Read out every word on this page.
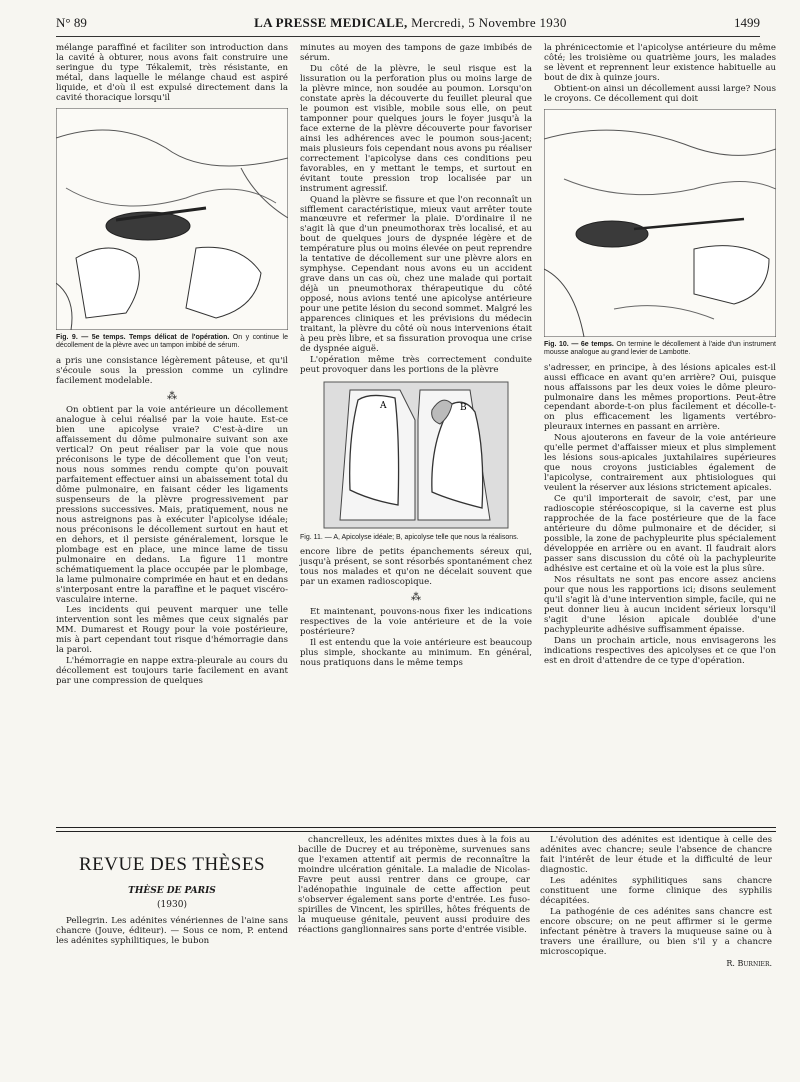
N° 89	LA PRESSE MEDICALE, Mercredi, 5 Novembre 1930	1499

mélange paraffiné et faciliter son introduction dans la cavité à obturer, nous avons fait construire une seringue du type Tékalemit, très résistante, en métal, dans laquelle le mélange chaud est aspiré liquide, et d'où il est expulsé directement dans la cavité thoracique lorsqu'il

Fig. 9. — 5e temps. Temps délicat de l'opération. On y continue le décollement de la plèvre avec un tampon imbibé de sérum.

a pris une consistance légèrement pâteuse, et qu'il s'écoule sous la pression comme un cylindre facilement modelable.

⁂

On obtient par la voie antérieure un décollement analogue à celui réalisé par la voie haute. Est-ce bien une apicolyse vraie? C'est-à-dire un affaissement du dôme pulmonaire suivant son axe vertical? On peut réaliser par la voie que nous préconisons le type de décollement que l'on veut; nous nous sommes rendu compte qu'on pouvait parfaitement effectuer ainsi un abaissement total du dôme pulmonaire, en faisant céder les ligaments suspenseurs de la plèvre progressivement par pressions successives. Mais, pratiquement, nous ne nous astreignons pas à exécuter l'apicolyse idéale; nous préconisons le décollement surtout en haut et en dehors, et il persiste généralement, lorsque le plombage est en place, une mince lame de tissu pulmonaire en dedans. La figure 11 montre schématiquement la place occupée par le plombage, la lame pulmonaire comprimée en haut et en dedans s'interposant entre la paraffine et le paquet viscéro-vasculaire interne.

Les incidents qui peuvent marquer une telle intervention sont les mêmes que ceux signalés par MM. Dumarest et Rougy pour la voie postérieure, mis à part cependant tout risque d'hémorragie dans la paroi.

L'hémorragie en nappe extra-pleurale au cours du décollement est toujours tarie facilement en avant par une compression de quelques

minutes au moyen des tampons de gaze imbibés de sérum.

Du côté de la plèvre, le seul risque est la lissuration ou la perforation plus ou moins large de la plèvre mince, non soudée au poumon. Lorsqu'on constate après la découverte du feuillet pleural que le poumon est visible, mobile sous elle, on peut tamponner pour quelques jours le foyer jusqu'à la face externe de la plèvre découverte pour favoriser ainsi les adhérences avec le poumon sous-jacent; mais plusieurs fois cependant nous avons pu réaliser correctement l'apicolyse dans ces conditions peu favorables, en y mettant le temps, et surtout en évitant toute pression trop localisée par un instrument agressif.

Quand la plèvre se fissure et que l'on reconnaît un sifflement caractéristique, mieux vaut arrêter toute manœuvre et refermer la plaie. D'ordinaire il ne s'agit là que d'un pneumothorax très localisé, et au bout de quelques jours de dyspnée légère et de température plus ou moins élevée on peut reprendre la tentative de décollement sur une plèvre alors en symphyse. Cependant nous avons eu un accident grave dans un cas où, chez une malade qui portait déjà un pneumothorax thérapeutique du côté opposé, nous avions tenté une apicolyse antérieure pour une petite lésion du second sommet. Malgré les apparences cliniques et les prévisions du médecin traitant, la plèvre du côté où nous intervenions était à peu près libre, et sa fissuration provoqua une crise de dyspnée aiguë.

L'opération même très correctement conduite peut provoquer dans les portions de la plèvre

A	B
Fig. 11. — A, Apicolyse idéale; B, apicolyse telle que nous la réalisons.

encore libre de petits épanchements séreux qui, jusqu'à présent, se sont résorbés spontanément chez tous nos malades et qu'on ne décelait souvent que par un examen radioscopique.

⁂

Et maintenant, pouvons-nous fixer les indications respectives de la voie antérieure et de la voie postérieure?

Il est entendu que la voie antérieure est beaucoup plus simple, shockante au minimum. En général, nous pratiquons dans le même temps

la phrénicectomie et l'apicolyse antérieure du même côté; les troisième ou quatrième jours, les malades se lèvent et reprennent leur existence habituelle au bout de dix à quinze jours.

Obtient-on ainsi un décollement aussi large? Nous le croyons. Ce décollement qui doit

Fig. 10. — 6e temps. On termine le décollement à l'aide d'un instrument mousse analogue au grand levier de Lambotte.

s'adresser, en principe, à des lésions apicales est-il aussi efficace en avant qu'en arrière? Oui, puisque nous affaissons par les deux voies le dôme pleuro-pulmonaire dans les mêmes proportions. Peut-être cependant aborde-t-on plus facilement et décolle-t-on plus efficacement les ligaments vertébro-pleuraux internes en passant en arrière.

Nous ajouterons en faveur de la voie antérieure qu'elle permet d'affaisser mieux et plus simplement les lésions sous-apicales juxtahilaires supérieures que nous croyons justiciables également de l'apicolyse, contrairement aux phtisiologues qui veulent la réserver aux lésions strictement apicales.

Ce qu'il importerait de savoir, c'est, par une radioscopie stéréoscopique, si la caverne est plus rapprochée de la face postérieure que de la face antérieure du dôme pulmonaire et de décider, si possible, la zone de pachypleurite plus spécialement développée en arrière ou en avant. Il faudrait alors passer sans discussion du côté où la pachypleurite adhésive est certaine et où la voie est la plus sûre.

Nos résultats ne sont pas encore assez anciens pour que nous les rapportions ici; disons seulement qu'il s'agit là d'une intervention simple, facile, qui ne peut donner lieu à aucun incident sérieux lorsqu'il s'agit d'une lésion apicale doublée d'une pachypleurite adhésive suffisamment épaisse.

Dans un prochain article, nous envisagerons les indications respectives des apicolyses et ce que l'on est en droit d'attendre de ce type d'opération.

REVUE DES THÈSES
THÈSE DE PARIS
(1930)

Pellegrin. Les adénites vénériennes de l'aine sans chancre (Jouve, éditeur). — Sous ce nom, P. entend les adénites syphilitiques, le bubon

chancrelleux, les adénites mixtes dues à la fois au bacille de Ducrey et au tréponème, survenues sans que l'examen attentif ait permis de reconnaître la moindre ulcération génitale. La maladie de Nicolas-Favre peut aussi rentrer dans ce groupe, car l'adénopathie inguinale de cette affection peut s'observer également sans porte d'entrée. Les fuso-spirilles de Vincent, les spirilles, hôtes fréquents de la muqueuse génitale, peuvent aussi produire des réactions ganglionnaires sans porte d'entrée visible.

L'évolution des adénites est identique à celle des adénites avec chancre; seule l'absence de chancre fait l'intérêt de leur étude et la difficulté de leur diagnostic.

Les adénites syphilitiques sans chancre constituent une forme clinique des syphilis décapitées.

La pathogénie de ces adénites sans chancre est encore obscure; on ne peut affirmer si le germe infectant pénètre à travers la muqueuse saine ou à travers une éraillure, ou bien s'il y a chancre microscopique.

R. Burnier.
